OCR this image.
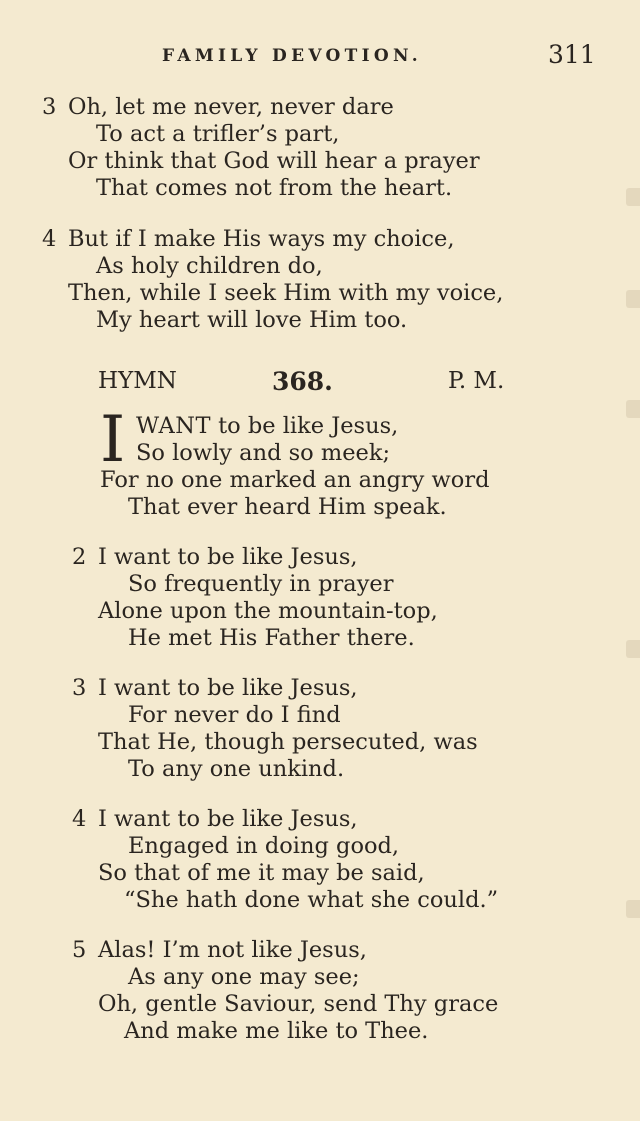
FAMILY DEVOTION.	311
3 Oh, let me never, never dare
To act a trifler’s part,
Or think that God will hear a prayer
That comes not from the heart.
4 But if I make His ways my choice,
As holy children do,
Then, while I seek Him with my voice,
My heart will love Him too.
HYMN	368.	P. M.
I WANT to be like Jesus,
So lowly and so meek;
For no one marked an angry word
That ever heard Him speak.
2 I want to be like Jesus,
So frequently in prayer
Alone upon the mountain-top,
He met His Father there.
3 I want to be like Jesus,
For never do I find
That He, though persecuted, was
To any one unkind.
4 I want to be like Jesus,
Engaged in doing good,
So that of me it may be said,
“She hath done what she could.”
5 Alas! I’m not like Jesus,
As any one may see;
Oh, gentle Saviour, send Thy grace
And make me like to Thee.
